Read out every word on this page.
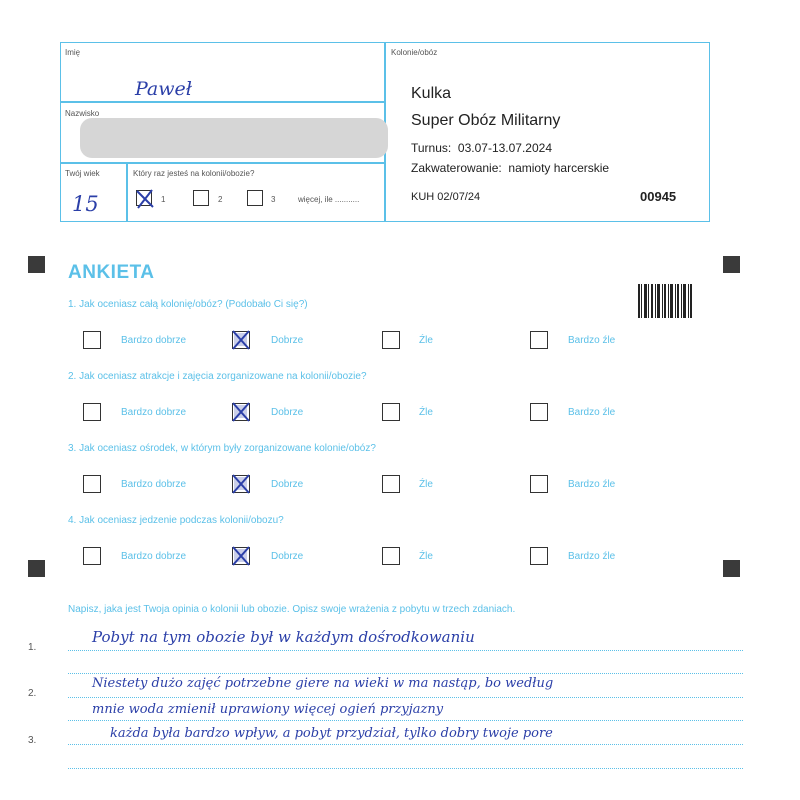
Imię
Paweł
Nazwisko
Twój wiek
15
Który raz jesteś na kolonii/obozie?
1	2	3	więcej, ile ...........
Kolonie/obóz
Kulka
Super Obóz Militarny
Turnus: 03.07-13.07.2024
Zakwaterowanie: namioty harcerskie
KUH 02/07/24	00945
ANKIETA
1. Jak oceniasz całą kolonię/obóz? (Podobało Ci się?)
Bardzo dobrze	Dobrze	Źle	Bardzo źle
2. Jak oceniasz atrakcje i zajęcia zorganizowane na kolonii/obozie?
Bardzo dobrze	Dobrze	Źle	Bardzo źle
3. Jak oceniasz ośrodek, w którym były zorganizowane kolonie/obóz?
Bardzo dobrze	Dobrze	Źle	Bardzo źle
4. Jak oceniasz jedzenie podczas kolonii/obozu?
Bardzo dobrze	Dobrze	Źle	Bardzo źle
Napisz, jaka jest Twoja opinia o kolonii lub obozie. Opisz swoje wrażenia z pobytu w trzech zdaniach.
1.
2.
3.
Pobyt na tym obozie był w każdym dośrodkowaniu
Niestety dużo zajęć potrzebne giere na wieki w ma nastąp, bo według
mnie woda zmienił uprawiony więcej ogień przyjazny
każda była bardzo wpływ, a pobyt przydział, tylko dobry twoje pore
